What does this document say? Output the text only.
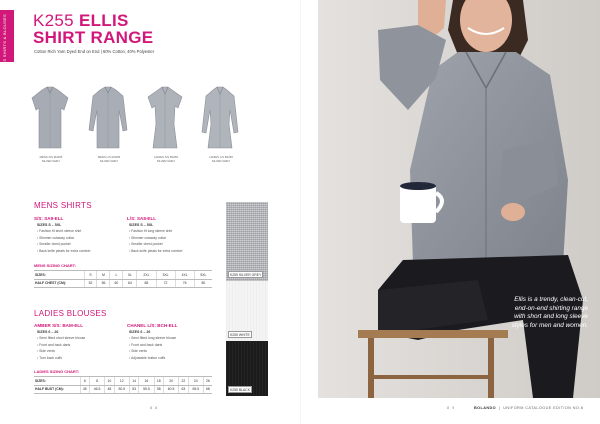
MENS SHIRTS & BLOUSES K255 ELLIS
SHIRT RANGE
Cotton Rich Yarn Dyed End on End | 60% Cotton, 40% Polyester
MENS S/S M4255
SILVER GREY
MENS L/S M4256
SILVER GREY
LADIES S/S B4255
SILVER GREY
LADIES L/S B4256
SILVER GREY
MENS SHIRTS
S/S: SA9-ELL
SIZES S – 5XL
• Fashion fit short sleeve shirt
• Slimmer cutaway collar
• Smaller chest pocket
• Back knife pleats for extra comfort
L/S: SA8-ELL
SIZES S – 5XL
• Fashion fit long sleeve shirt
• Slimmer cutaway collar
• Smaller chest pocket
• Back knife pleats for extra comfort
MENS SIZING CHART:
SIZES:	S	M	L	XL	2XL	3XL	4XL	5XL
HALF CHEST (CM):	52	56	60	64	68	72	76	80
LADIES BLOUSES
AMBER S/S: BAM-ELL
SIZES 6 – 26
• Semi fitted short sleeve blouse
• Front and back darts
• Side vents
• Turn back cuffs
CHANEL L/S: BCH-ELL
SIZES 6 – 26
• Semi fitted long sleeve blouse
• Front and back darts
• Side vents
• Adjustable button cuffs
LADIES SIZING CHART:
SIZES:	6	8	10	12	14	16	18	20	22	24	26
HALF BUST (CM):	45	46.5	48	50.5	53	55.5	58	60.5	63	65.5	68
K255 SILVER GREY
K255 WHITE
K255 BLACK
Ellis is a trendy, clean-cut,
end-on-end shirting range
with short and long sleeve
styles for men and women.
8 8	8 9	BOLANDO  |  UNIFORM CATALOGUE EDITION NO.8
